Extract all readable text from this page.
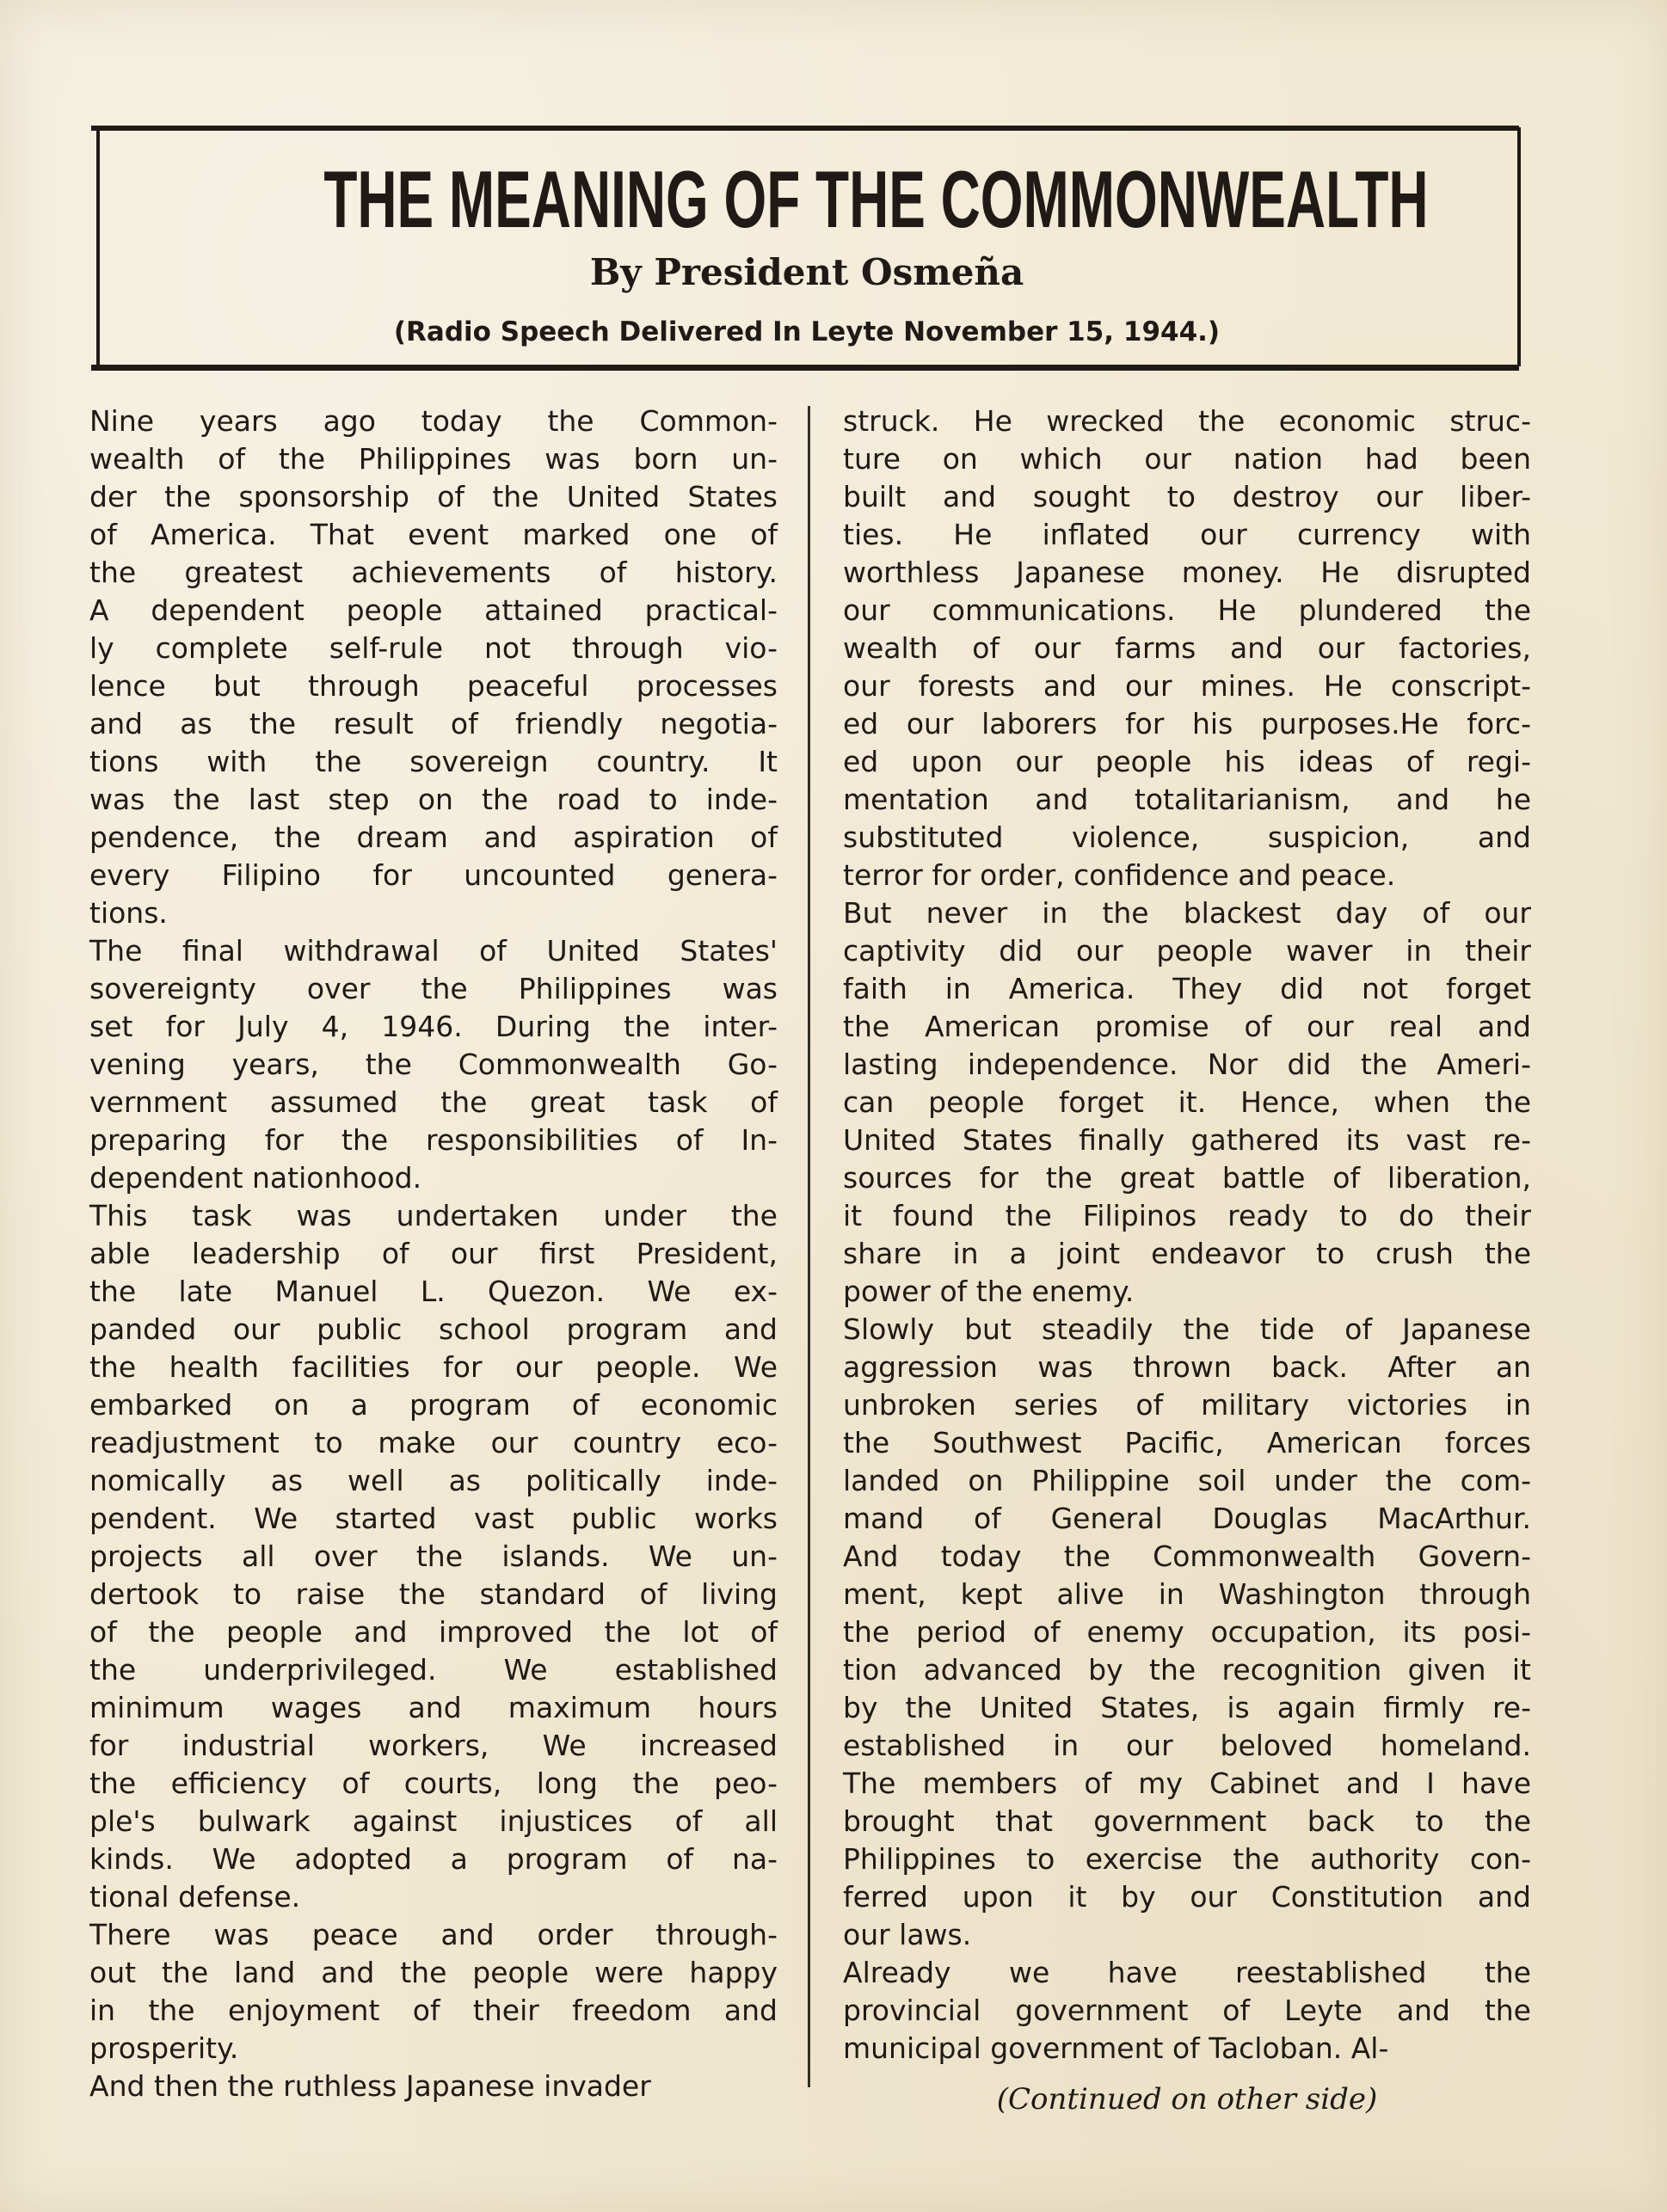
THE MEANING OF THE COMMONWEALTH
By President Osmeña
(Radio Speech Delivered In Leyte November 15, 1944.)
Nine years ago today the Common-
wealth of the Philippines was born un-
der the sponsorship of the United States
of America. That event marked one of
the greatest achievements of history.
A dependent people attained practical-
ly complete self-rule not through vio-
lence but through peaceful processes
and as the result of friendly negotia-
tions with the sovereign country. It
was the last step on the road to inde-
pendence, the dream and aspiration of
every Filipino for uncounted genera-
tions.
The final withdrawal of United States'
sovereignty over the Philippines was
set for July 4, 1946. During the inter-
vening years, the Commonwealth Go-
vernment assumed the great task of
preparing for the responsibilities of In-
dependent nationhood.
This task was undertaken under the
able leadership of our first President,
the late Manuel L. Quezon. We ex-
panded our public school program and
the health facilities for our people. We
embarked on a program of economic
readjustment to make our country eco-
nomically as well as politically inde-
pendent. We started vast public works
projects all over the islands. We un-
dertook to raise the standard of living
of the people and improved the lot of
the underprivileged. We established
minimum wages and maximum hours
for industrial workers, We increased
the efficiency of courts, long the peo-
ple's bulwark against injustices of all
kinds. We adopted a program of na-
tional defense.
There was peace and order through-
out the land and the people were happy
in the enjoyment of their freedom and
prosperity.
And then the ruthless Japanese invader
struck. He wrecked the economic struc-
ture on which our nation had been
built and sought to destroy our liber-
ties. He inflated our currency with
worthless Japanese money. He disrupted
our communications. He plundered the
wealth of our farms and our factories,
our forests and our mines. He conscript-
ed our laborers for his purposes.He forc-
ed upon our people his ideas of regi-
mentation and totalitarianism, and he
substituted violence, suspicion, and
terror for order, confidence and peace.
But never in the blackest day of our
captivity did our people waver in their
faith in America. They did not forget
the American promise of our real and
lasting independence. Nor did the Ameri-
can people forget it. Hence, when the
United States finally gathered its vast re-
sources for the great battle of liberation,
it found the Filipinos ready to do their
share in a joint endeavor to crush the
power of the enemy.
Slowly but steadily the tide of Japanese
aggression was thrown back. After an
unbroken series of military victories in
the Southwest Pacific, American forces
landed on Philippine soil under the com-
mand of General Douglas MacArthur.
And today the Commonwealth Govern-
ment, kept alive in Washington through
the period of enemy occupation, its posi-
tion advanced by the recognition given it
by the United States, is again firmly re-
established in our beloved homeland.
The members of my Cabinet and I have
brought that government back to the
Philippines to exercise the authority con-
ferred upon it by our Constitution and
our laws.
Already we have reestablished the
provincial government of Leyte and the
municipal government of Tacloban. Al-
(Continued on other side)
